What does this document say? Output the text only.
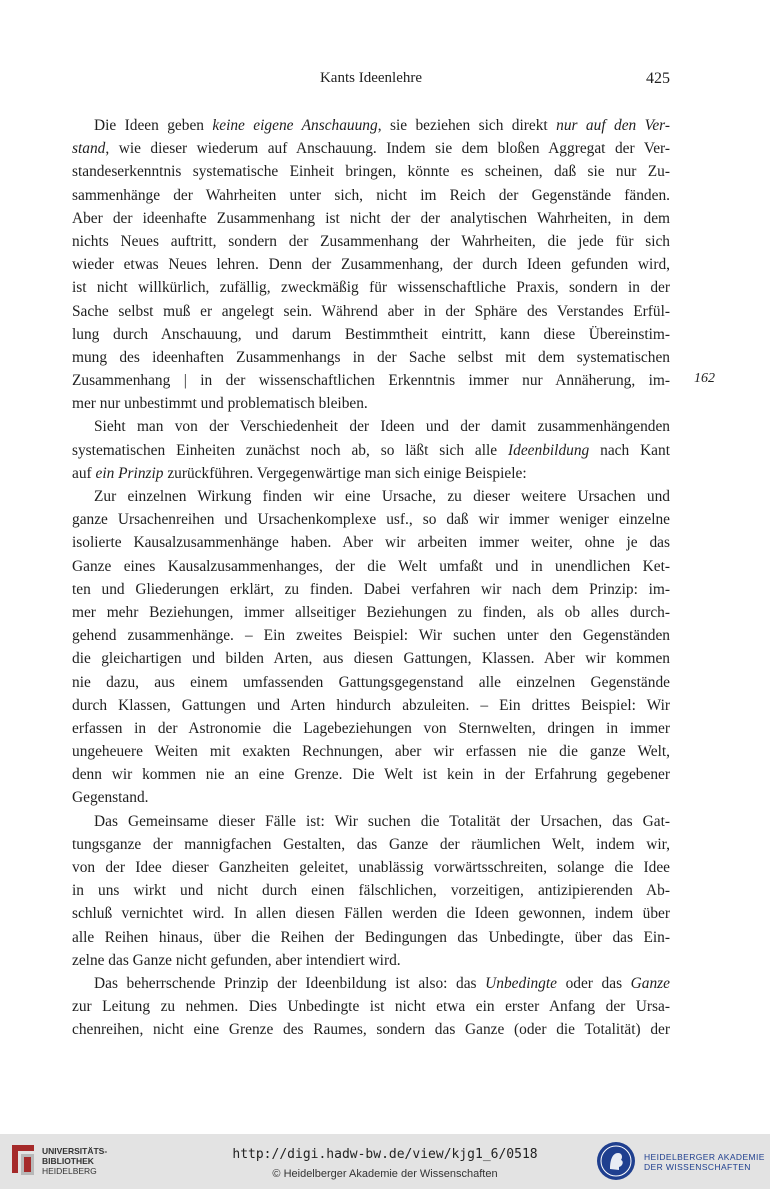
Kants Ideenlehre	425

Die Ideen geben keine eigene Anschauung, sie beziehen sich direkt nur auf den Ver-
stand, wie dieser wiederum auf Anschauung. Indem sie dem bloßen Aggregat der Ver-
standeserkenntnis systematische Einheit bringen, könnte es scheinen, daß sie nur Zu-
sammenhänge der Wahrheiten unter sich, nicht im Reich der Gegenstände fänden.
Aber der ideenhafte Zusammenhang ist nicht der der analytischen Wahrheiten, in dem
nichts Neues auftritt, sondern der Zusammenhang der Wahrheiten, die jede für sich
wieder etwas Neues lehren. Denn der Zusammenhang, der durch Ideen gefunden wird,
ist nicht willkürlich, zufällig, zweckmäßig für wissenschaftliche Praxis, sondern in der
Sache selbst muß er angelegt sein. Während aber in der Sphäre des Verstandes Erfül-
lung durch Anschauung, und darum Bestimmtheit eintritt, kann diese Übereinstim-
mung des ideenhaften Zusammenhangs in der Sache selbst mit dem systematischen
Zusammenhang | in der wissenschaftlichen Erkenntnis immer nur Annäherung, im-
mer nur unbestimmt und problematisch bleiben.

Sieht man von der Verschiedenheit der Ideen und der damit zusammenhängenden
systematischen Einheiten zunächst noch ab, so läßt sich alle Ideenbildung nach Kant
auf ein Prinzip zurückführen. Vergegenwärtige man sich einige Beispiele:

Zur einzelnen Wirkung finden wir eine Ursache, zu dieser weitere Ursachen und
ganze Ursachenreihen und Ursachenkomplexe usf., so daß wir immer weniger einzelne
isolierte Kausalzusammenhänge haben. Aber wir arbeiten immer weiter, ohne je das
Ganze eines Kausalzusammenhanges, der die Welt umfaßt und in unendlichen Ket-
ten und Gliederungen erklärt, zu finden. Dabei verfahren wir nach dem Prinzip: im-
mer mehr Beziehungen, immer allseitiger Beziehungen zu finden, als ob alles durch-
gehend zusammenhänge. – Ein zweites Beispiel: Wir suchen unter den Gegenständen
die gleichartigen und bilden Arten, aus diesen Gattungen, Klassen. Aber wir kommen
nie dazu, aus einem umfassenden Gattungsgegenstand alle einzelnen Gegenstände
durch Klassen, Gattungen und Arten hindurch abzuleiten. – Ein drittes Beispiel: Wir
erfassen in der Astronomie die Lagebeziehungen von Sternwelten, dringen in immer
ungeheuere Weiten mit exakten Rechnungen, aber wir erfassen nie die ganze Welt,
denn wir kommen nie an eine Grenze. Die Welt ist kein in der Erfahrung gegebener
Gegenstand.

Das Gemeinsame dieser Fälle ist: Wir suchen die Totalität der Ursachen, das Gat-
tungsganze der mannigfachen Gestalten, das Ganze der räumlichen Welt, indem wir,
von der Idee dieser Ganzheiten geleitet, unablässig vorwärtsschreiten, solange die Idee
in uns wirkt und nicht durch einen fälschlichen, vorzeitigen, antizipierenden Ab-
schluß vernichtet wird. In allen diesen Fällen werden die Ideen gewonnen, indem über
alle Reihen hinaus, über die Reihen der Bedingungen das Unbedingte, über das Ein-
zelne das Ganze nicht gefunden, aber intendiert wird.

Das beherrschende Prinzip der Ideenbildung ist also: das Unbedingte oder das Ganze
zur Leitung zu nehmen. Dies Unbedingte ist nicht etwa ein erster Anfang der Ursa-
chenreihen, nicht eine Grenze des Raumes, sondern das Ganze (oder die Totalität) der

162
UNIVERSITÄTS-
BIBLIOTHEK
HEIDELBERG
http://digi.hadw-bw.de/view/kjg1_6/0518
© Heidelberger Akademie der Wissenschaften
HEIDELBERGER AKADEMIE
DER WISSENSCHAFTEN
